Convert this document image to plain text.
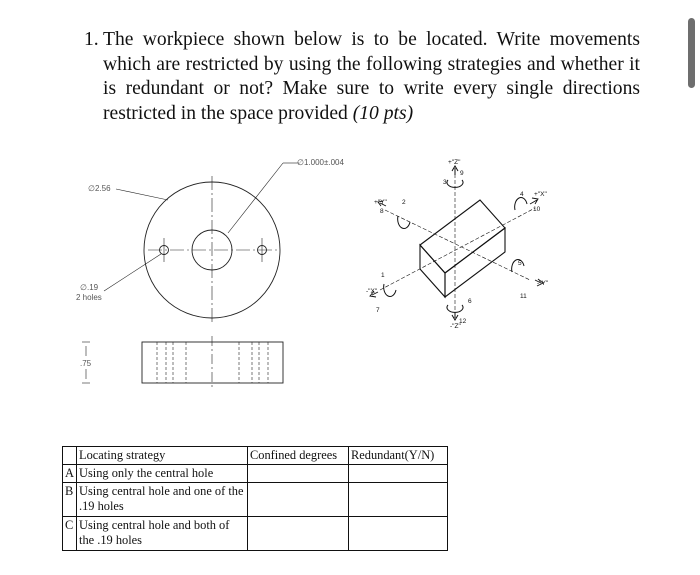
1. The workpiece shown below is to be located. Write movements which are restricted by using the following strategies and whether it is redundant or not? Make sure to write every single directions restricted in the space provided (10 pts)
∅2.56
∅1.000±.004
∅.19
2 holes
.75
+"Z"
-"Z"
+"X"
-"X"
+"Y"
-"Y"
1
2
3
4
5
6
7
8
9
10
11
12
	Locating strategy	Confined degrees	Redundant(Y/N)
A	Using only the central hole		
B	Using central hole and one of the .19 holes		
C	Using central hole and both of the .19 holes		
